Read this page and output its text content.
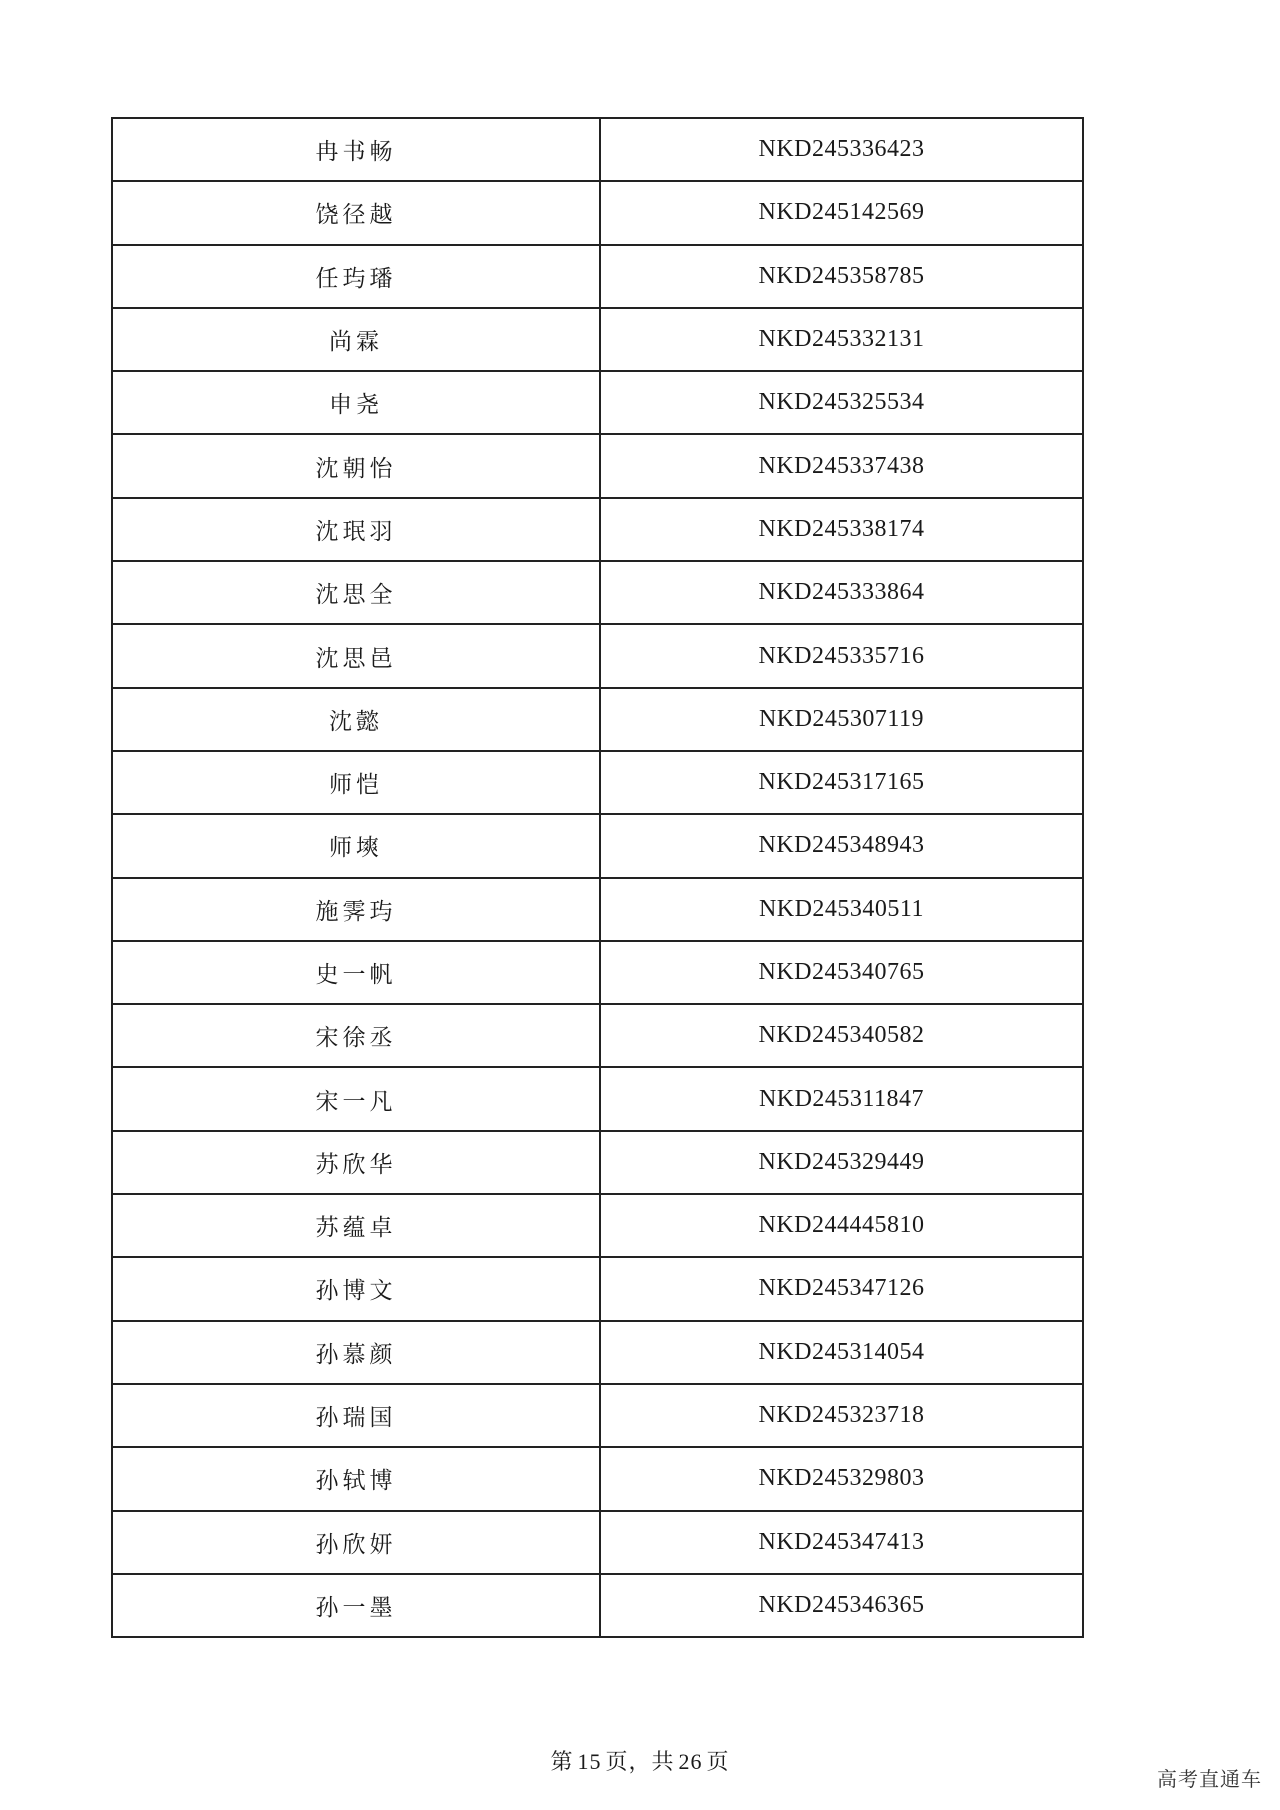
冉书畅	NKD245336423
饶径越	NKD245142569
任玙璠	NKD245358785
尚霖	NKD245332131
申尧	NKD245325534
沈朝怡	NKD245337438
沈珉羽	NKD245338174
沈思全	NKD245333864
沈思邑	NKD245335716
沈懿	NKD245307119
师恺	NKD245317165
师塽	NKD245348943
施霁玙	NKD245340511
史一帆	NKD245340765
宋徐丞	NKD245340582
宋一凡	NKD245311847
苏欣华	NKD245329449
苏蕴卓	NKD244445810
孙博文	NKD245347126
孙慕颜	NKD245314054
孙瑞国	NKD245323718
孙轼博	NKD245329803
孙欣妍	NKD245347413
孙一墨	NKD245346365
第 15 页，共 26 页
高考直通车
